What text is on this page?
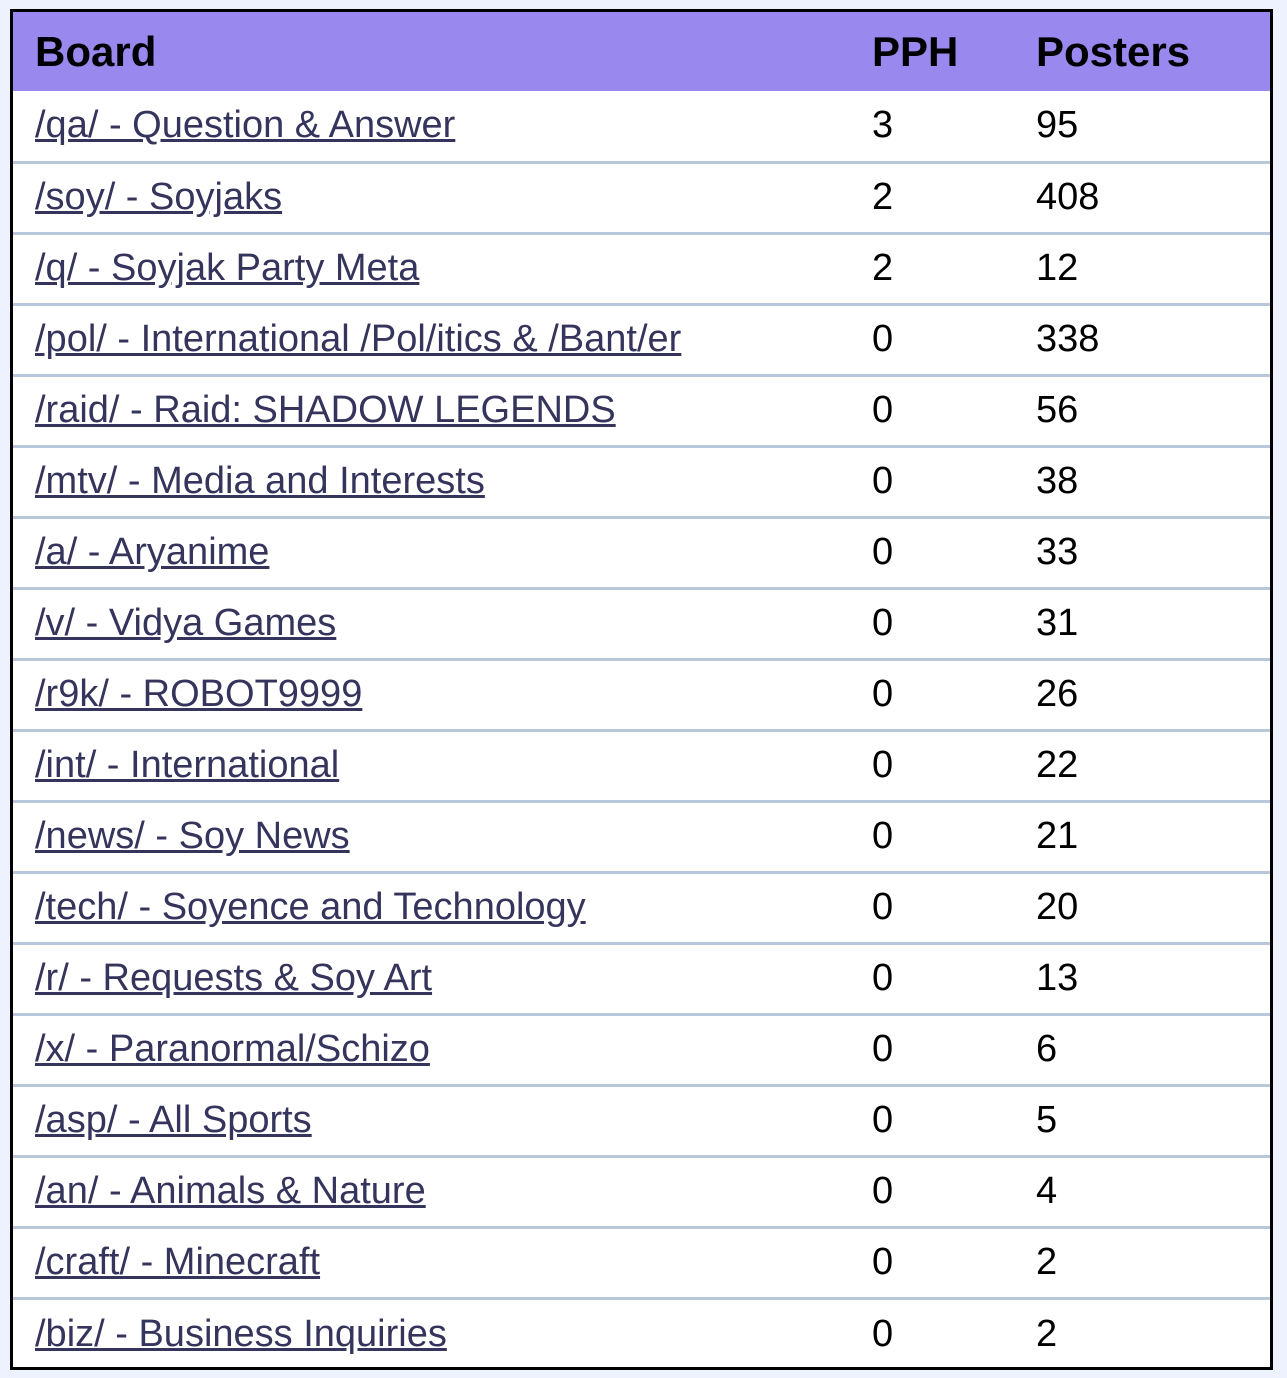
Board	PPH	Posters
/qa/ - Question & Answer	3	95
/soy/ - Soyjaks	2	408
/q/ - Soyjak Party Meta	2	12
/pol/ - International /Pol/itics & /Bant/er	0	338
/raid/ - Raid: SHADOW LEGENDS	0	56
/mtv/ - Media and Interests	0	38
/a/ - Aryanime	0	33
/v/ - Vidya Games	0	31
/r9k/ - ROBOT9999	0	26
/int/ - International	0	22
/news/ - Soy News	0	21
/tech/ - Soyence and Technology	0	20
/r/ - Requests & Soy Art	0	13
/x/ - Paranormal/Schizo	0	6
/asp/ - All Sports	0	5
/an/ - Animals & Nature	0	4
/craft/ - Minecraft	0	2
/biz/ - Business Inquiries	0	2
